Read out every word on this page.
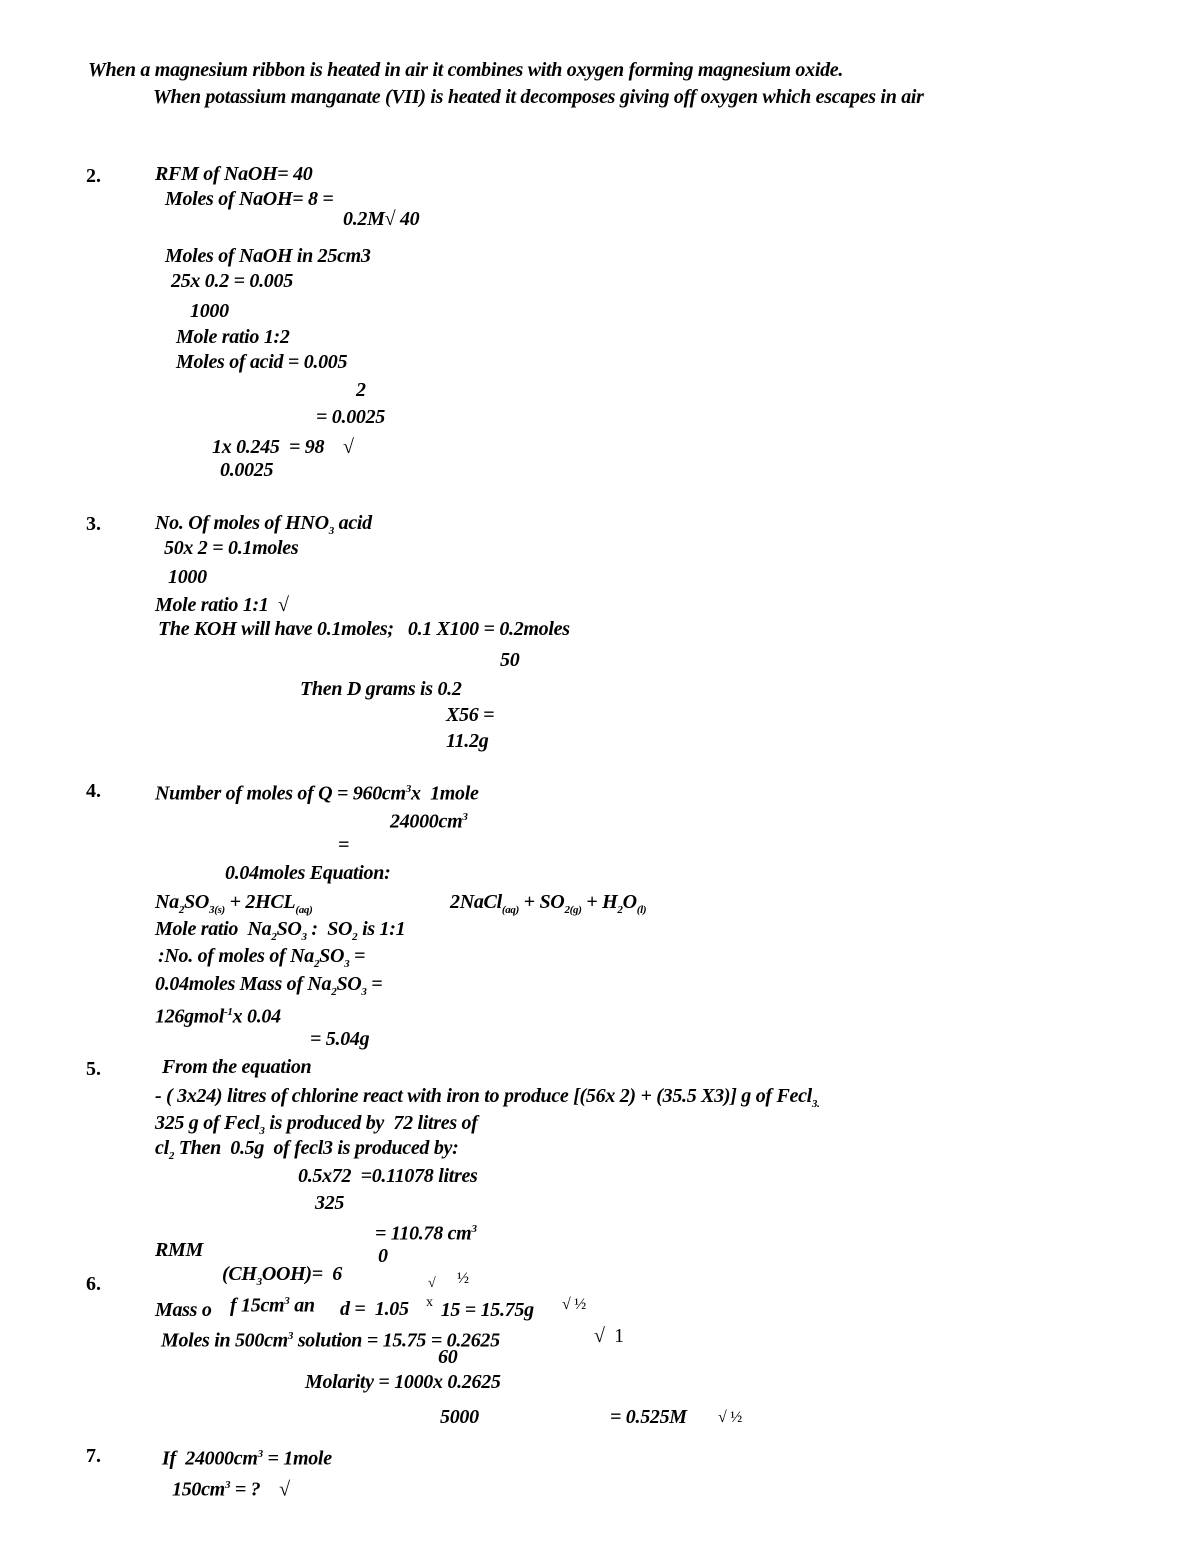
When a magnesium ribbon is heated in air it combines with oxygen forming magnesium oxide.
When potassium manganate (VII) is heated it decomposes giving off oxygen which escapes in air
2.	RFM of NaOH= 40
Moles of NaOH= 8 =
0.2M√ 40
Moles of NaOH in 25cm3
25x 0.2 = 0.005
1000
Mole ratio 1:2
Moles of acid = 0.005
2
= 0.0025
1x 0.245  = 98 √
0.0025
3.	No. Of moles of $HNO_3$ acid
50x 2 = 0.1moles
1000
Mole ratio 1:1 √
The KOH will have 0.1moles;   0.1 X100 = 0.2moles
50
Then D grams is 0.2
X56 =
11.2g
4.	Number of moles of $Q = 960cm^3x$  1mole
$24000cm^3$
=
0.04moles Equation:
$Na_2SO_{3(s)} + 2HCL_{(aq)}$	2NaCl$_{(aq)}$ + $SO_{2(g)} + H_2O_{(l)}$
Mole ratio  $Na_2SO_3$ :  $SO_2$ is 1:1
:No. of moles of $Na_2SO_3$ =
0.04moles Mass of $Na_2SO_3$ =
126gmol$^{-1}$x 0.04
= 5.04g
5.	From the equation
- ( 3x24) litres of chlorine react with iron to produce [(56x 2) + (35.5 X3)] g of Fecl$_{3.}$
325 g of Fecl$_3$ is produced by  72 litres of
$cl_2$ Then  0.5g  of fecl3 is produced by:
0.5x72  =0.11078 litres
325
= 110.78 $cm^3$
RMM	0
6.	$(CH_3OOH)= 6$	√ ½
Mass o f $15cm^3$ an d =  1.05 x 15 = 15.75g √ ½
Moles in $500cm^3$ solution = 15.75 = 0.2625	√ 1
60
Molarity = 1000x 0.2625
5000	= 0.525M √ ½
7.	If  $24000cm^3$ = 1mole
$150cm^3$ = ? √
